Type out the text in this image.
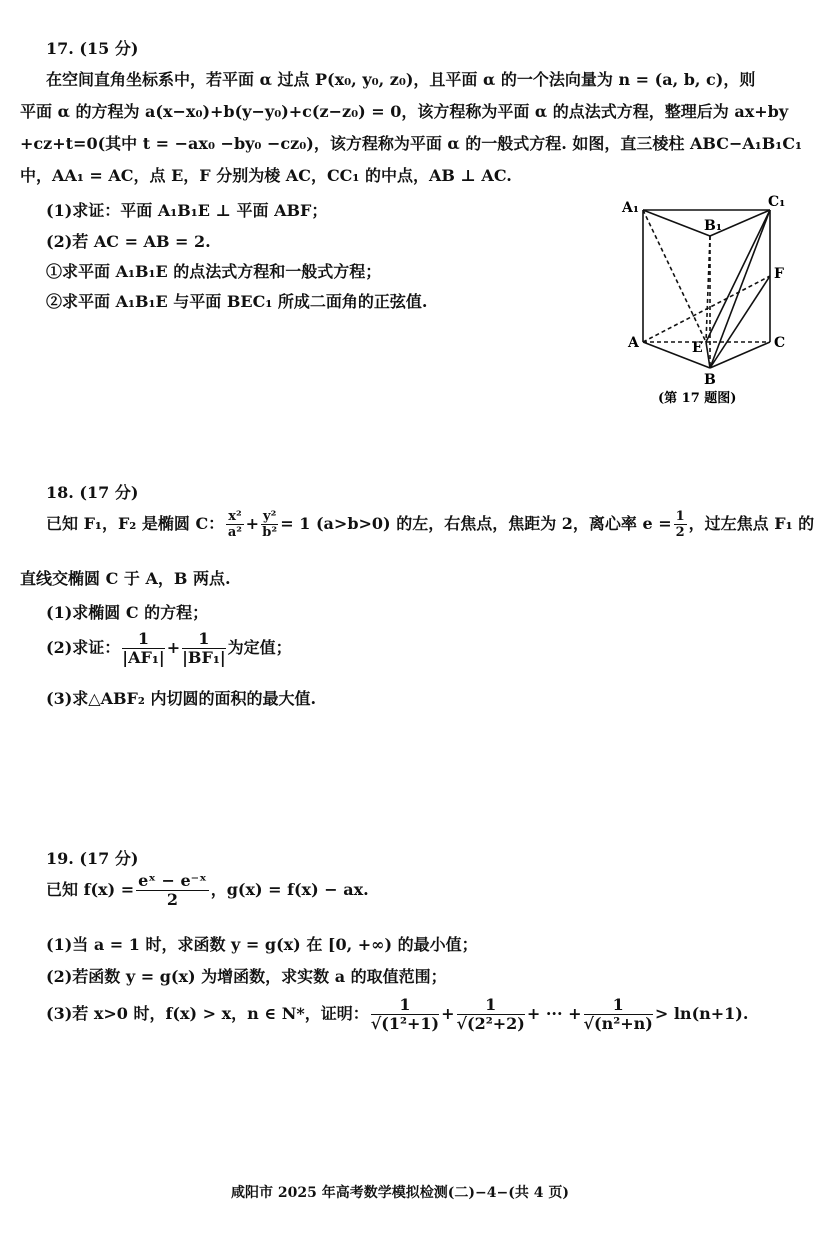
17. (15 分)
在空间直角坐标系中，若平面 α 过点 P(x₀, y₀, z₀)，且平面 α 的一个法向量为 n = (a, b, c)，则
平面 α 的方程为 a(x−x₀)+b(y−y₀)+c(z−z₀) = 0，该方程称为平面 α 的点法式方程，整理后为 ax+by
+cz+t=0(其中 t = −ax₀ −by₀ −cz₀)，该方程称为平面 α 的一般式方程. 如图，直三棱柱 ABC−A₁B₁C₁
中，AA₁ = AC，点 E，F 分别为棱 AC，CC₁ 的中点，AB ⊥ AC.
(1)求证：平面 A₁B₁E ⊥ 平面 ABF；
(2)若 AC = AB = 2.
①求平面 A₁B₁E 的点法式方程和一般式方程；
②求平面 A₁B₁E 与平面 BEC₁ 所成二面角的正弦值.
A₁
B₁
C₁
F
A	E	C
B
(第 17 题图)
18. (17 分)
已知 F₁，F₂ 是椭圆 C： $\frac{\text{x²}}{\text{a²}} + \frac{\text{y²}}{\text{b²}} = 1$ (a>b>0) 的左，右焦点，焦距为 2，离心率 $e = \frac{1}{2}$ ，过左焦点 F₁ 的
直线交椭圆 C 于 A，B 两点.
(1)求椭圆 C 的方程；
(2)求证： $\frac{1}{\text{|AF₁|}} + \frac{1}{\text{|BF₁|}}$ 为定值；
(3)求△ABF₂ 内切圆的面积的最大值.
19. (17 分)
已知 $f(x) = \frac{\text{eˣ − e⁻ˣ}}{2}$ ，g(x) = f(x) − ax.
(1)当 a = 1 时，求函数 y = g(x) 在 [0, +∞) 的最小值；
(2)若函数 y = g(x) 为增函数，求实数 a 的取值范围；
(3)若 x>0 时，f(x) > x，n ∈ N*，证明： $\frac{1}{\text{√(1²+1)}} + \frac{1}{\text{√(2²+2)}}$ + ··· + $\frac{1}{\text{√(n²+n)}} > \ln(n+1)$.
咸阳市 2025 年高考数学模拟检测(二)−4−(共 4 页)
